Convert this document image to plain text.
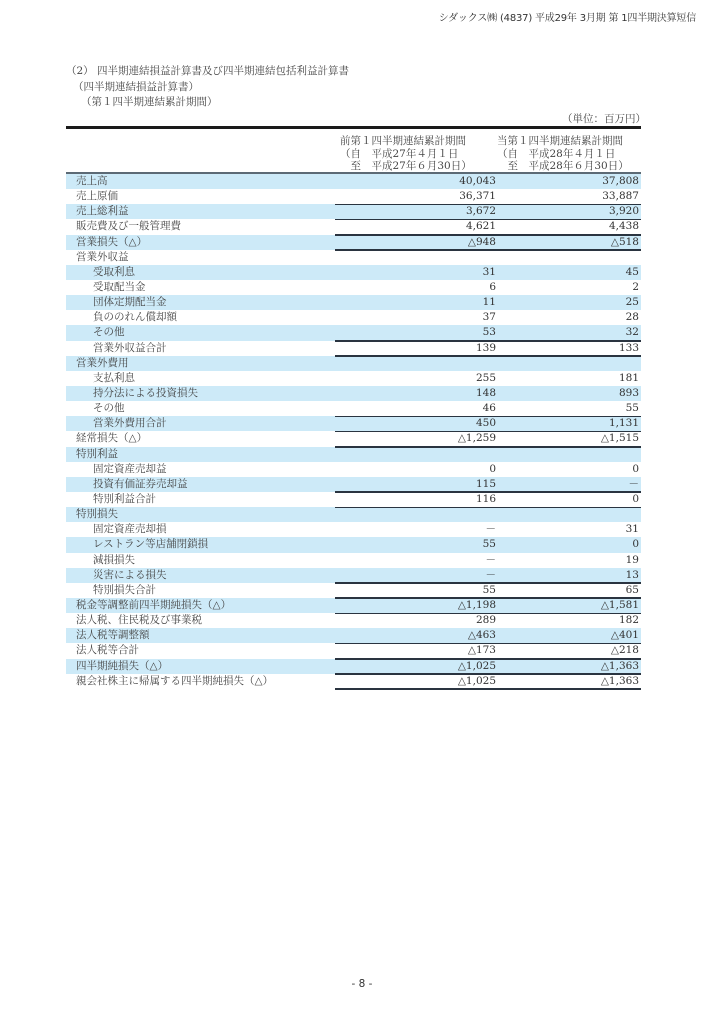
シダックス㈱ (4837) 平成29年 3月期 第 1四半期決算短信
（2） 四半期連結損益計算書及び四半期連結包括利益計算書
（四半期連結損益計算書）
（第１四半期連結累計期間）
（単位：百万円）
前第１四半期連結累計期間
（自　平成27年４月１日
　至　平成27年６月30日）
当第１四半期連結累計期間
（自　平成28年４月１日
　至　平成28年６月30日）
売上高	40,043	37,808
売上原価	36,371	33,887
売上総利益	3,672	3,920
販売費及び一般管理費	4,621	4,438
営業損失（△）	△948	△518
営業外収益
受取利息	31	45
受取配当金	6	2
団体定期配当金	11	25
負ののれん償却額	37	28
その他	53	32
営業外収益合計	139	133
営業外費用
支払利息	255	181
持分法による投資損失	148	893
その他	46	55
営業外費用合計	450	1,131
経常損失（△）	△1,259	△1,515
特別利益
固定資産売却益	0	0
投資有価証券売却益	115	－
特別利益合計	116	0
特別損失
固定資産売却損	－	31
レストラン等店舗閉鎖損	55	0
減損損失	－	19
災害による損失	－	13
特別損失合計	55	65
税金等調整前四半期純損失（△）	△1,198	△1,581
法人税、住民税及び事業税	289	182
法人税等調整額	△463	△401
法人税等合計	△173	△218
四半期純損失（△）	△1,025	△1,363
親会社株主に帰属する四半期純損失（△）	△1,025	△1,363
- 8 -
